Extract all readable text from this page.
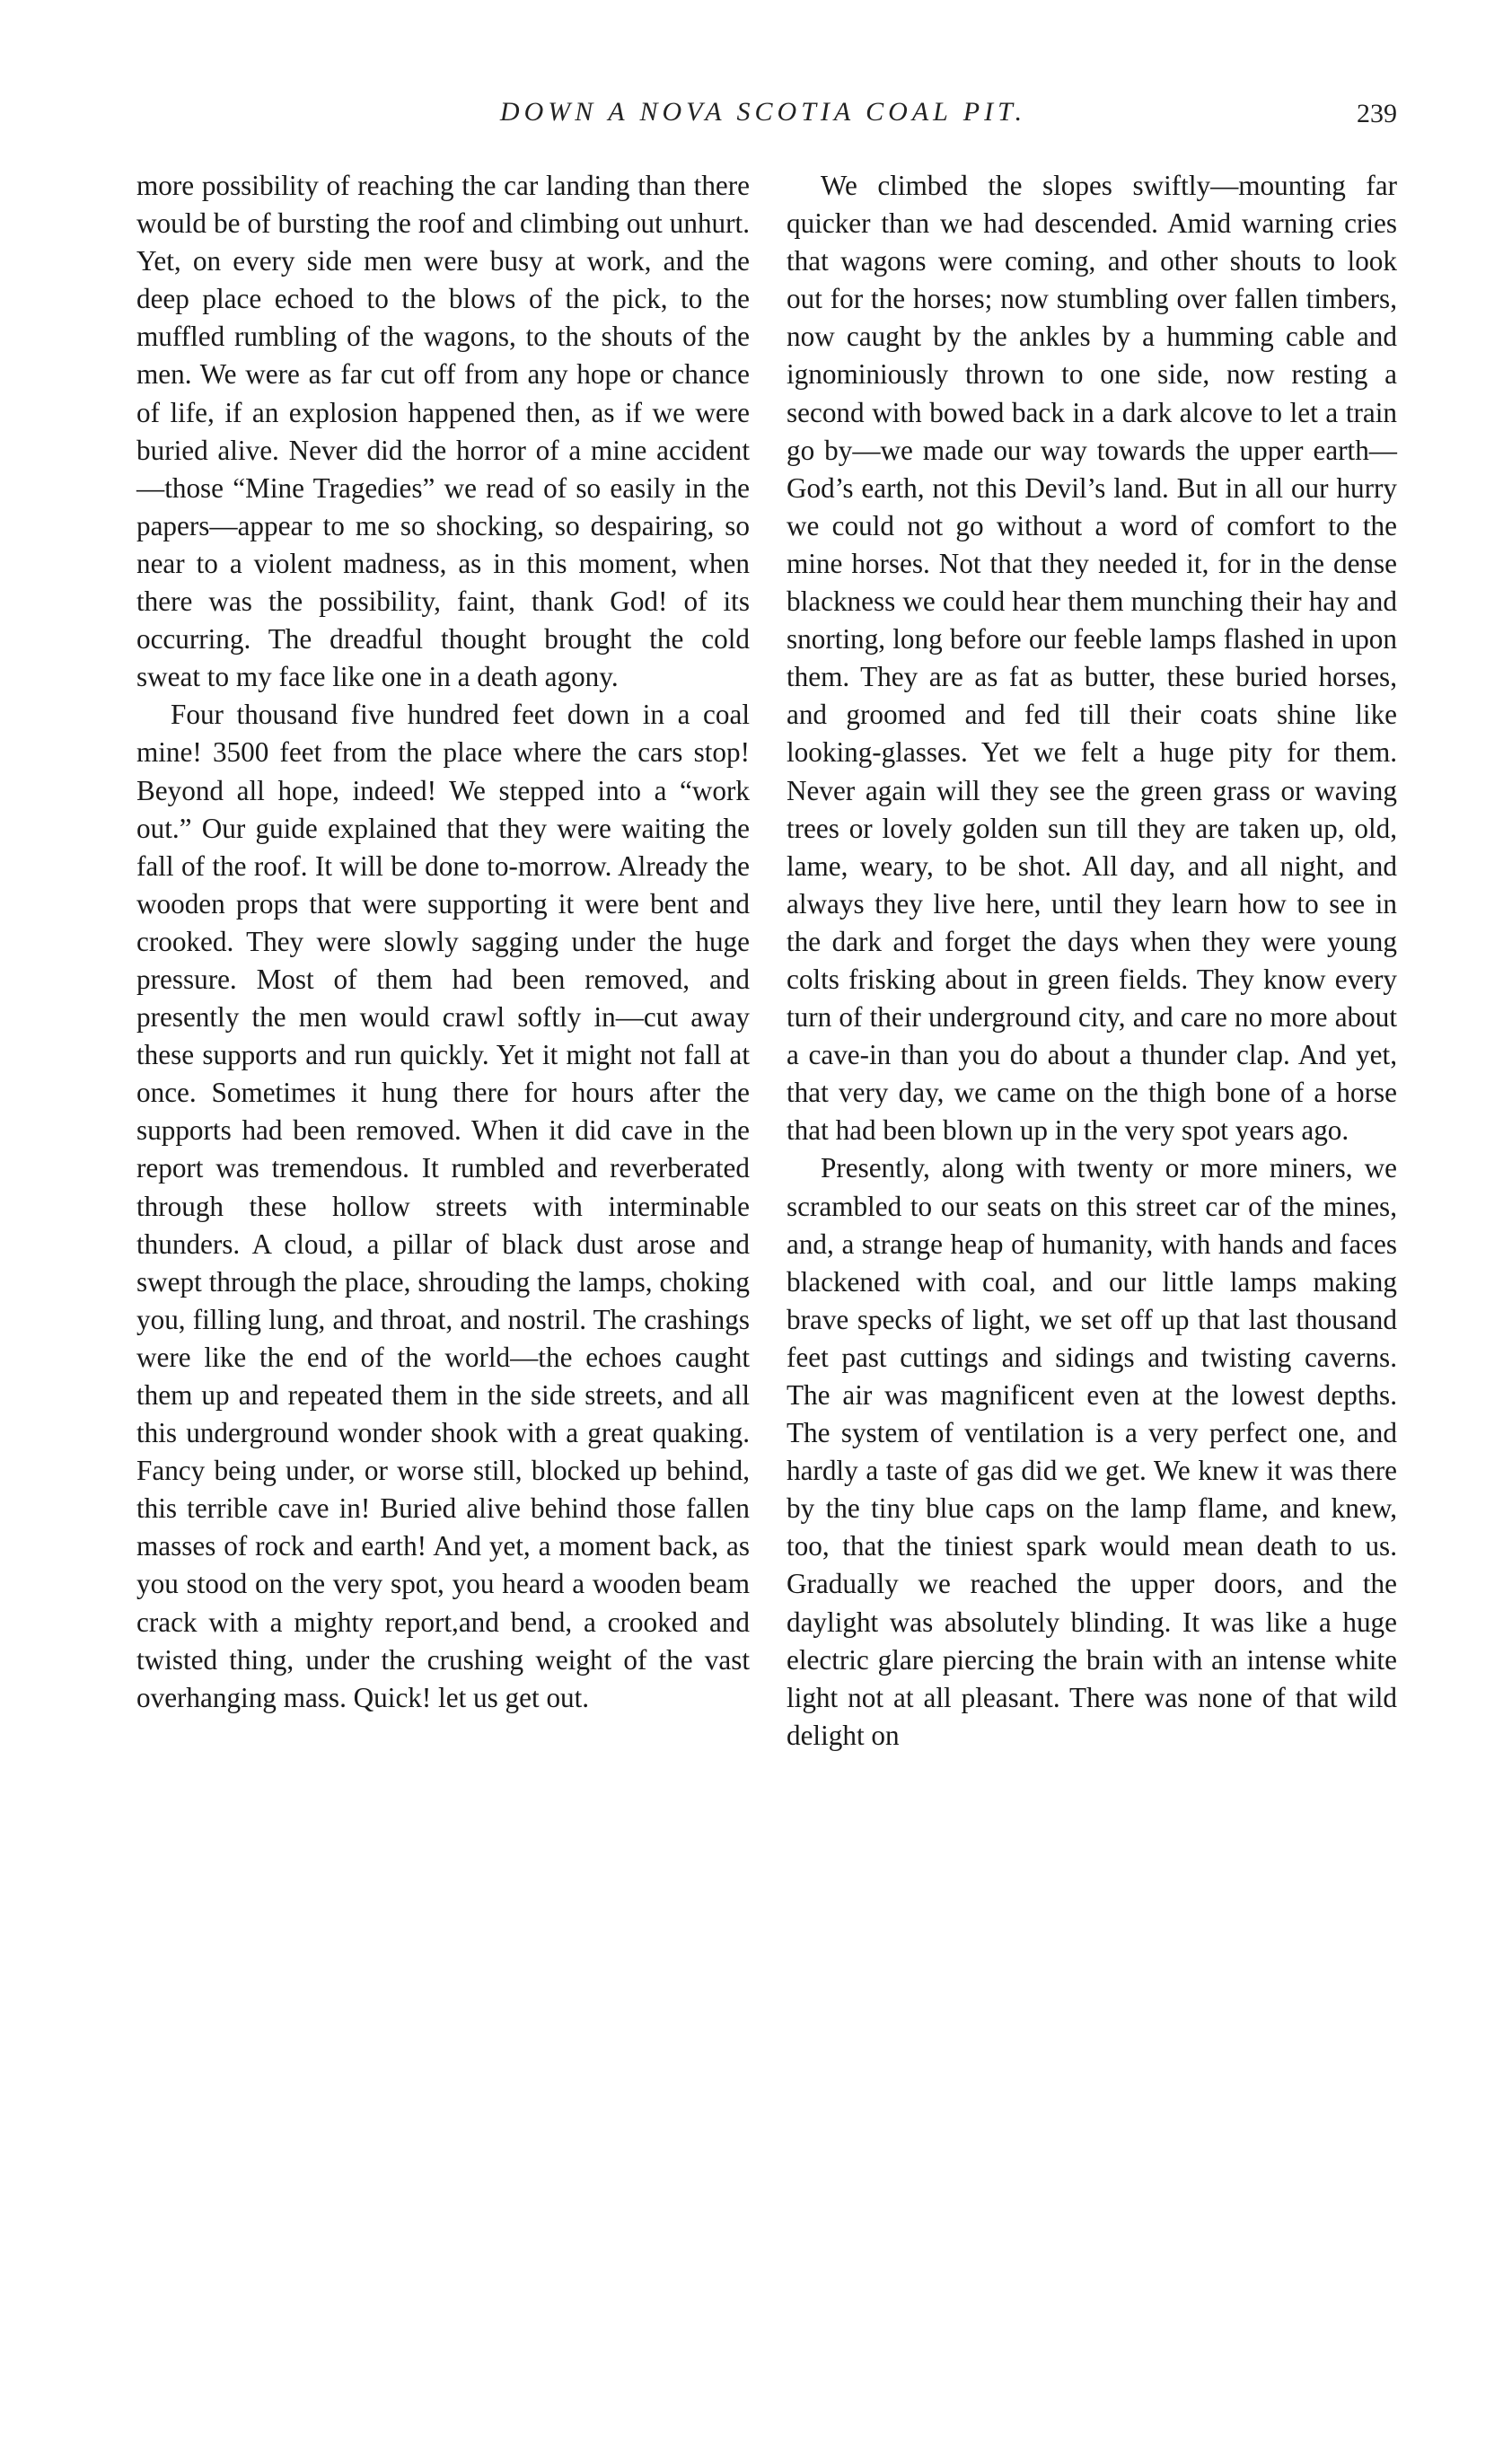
DOWN A NOVA SCOTIA COAL PIT.	239

more possibility of reaching the car landing than there would be of bursting the roof and climbing out unhurt. Yet, on every side men were busy at work, and the deep place echoed to the blows of the pick, to the muffled rumbling of the wagons, to the shouts of the men. We were as far cut off from any hope or chance of life, if an explosion happened then, as if we were buried alive. Never did the horror of a mine accident—those “Mine Tragedies” we read of so easily in the papers—appear to me so shocking, so despairing, so near to a violent madness, as in this moment, when there was the possibility, faint, thank God! of its occurring. The dreadful thought brought the cold sweat to my face like one in a death agony.

Four thousand five hundred feet down in a coal mine! 3500 feet from the place where the cars stop! Beyond all hope, indeed! We stepped into a “work out.” Our guide explained that they were waiting the fall of the roof. It will be done to-morrow. Already the wooden props that were supporting it were bent and crooked. They were slowly sagging under the huge pressure. Most of them had been removed, and presently the men would crawl softly in—cut away these supports and run quickly. Yet it might not fall at once. Sometimes it hung there for hours after the supports had been removed. When it did cave in the report was tremendous. It rumbled and reverberated through these hollow streets with interminable thunders. A cloud, a pillar of black dust arose and swept through the place, shrouding the lamps, choking you, filling lung, and throat, and nostril. The crashings were like the end of the world—the echoes caught them up and repeated them in the side streets, and all this underground wonder shook with a great quaking. Fancy being under, or worse still, blocked up behind, this terrible cave in! Buried alive behind those fallen masses of rock and earth! And yet, a moment back, as you stood on the very spot, you heard a wooden beam crack with a mighty report,and bend, a crooked and twisted thing, under the crushing weight of the vast overhanging mass. Quick! let us get out.

We climbed the slopes swiftly—mounting far quicker than we had descended. Amid warning cries that wagons were coming, and other shouts to look out for the horses; now stumbling over fallen timbers, now caught by the ankles by a humming cable and ignominiously thrown to one side, now resting a second with bowed back in a dark alcove to let a train go by—we made our way towards the upper earth—God’s earth, not this Devil’s land. But in all our hurry we could not go without a word of comfort to the mine horses. Not that they needed it, for in the dense blackness we could hear them munching their hay and snorting, long before our feeble lamps flashed in upon them. They are as fat as butter, these buried horses, and groomed and fed till their coats shine like looking-glasses. Yet we felt a huge pity for them. Never again will they see the green grass or waving trees or lovely golden sun till they are taken up, old, lame, weary, to be shot. All day, and all night, and always they live here, until they learn how to see in the dark and forget the days when they were young colts frisking about in green fields. They know every turn of their underground city, and care no more about a cave-in than you do about a thunder clap. And yet, that very day, we came on the thigh bone of a horse that had been blown up in the very spot years ago.

Presently, along with twenty or more miners, we scrambled to our seats on this street car of the mines, and, a strange heap of humanity, with hands and faces blackened with coal, and our little lamps making brave specks of light, we set off up that last thousand feet past cuttings and sidings and twisting caverns. The air was magnificent even at the lowest depths. The system of ventilation is a very perfect one, and hardly a taste of gas did we get. We knew it was there by the tiny blue caps on the lamp flame, and knew, too, that the tiniest spark would mean death to us. Gradually we reached the upper doors, and the daylight was absolutely blinding. It was like a huge electric glare piercing the brain with an intense white light not at all pleasant. There was none of that wild delight on
